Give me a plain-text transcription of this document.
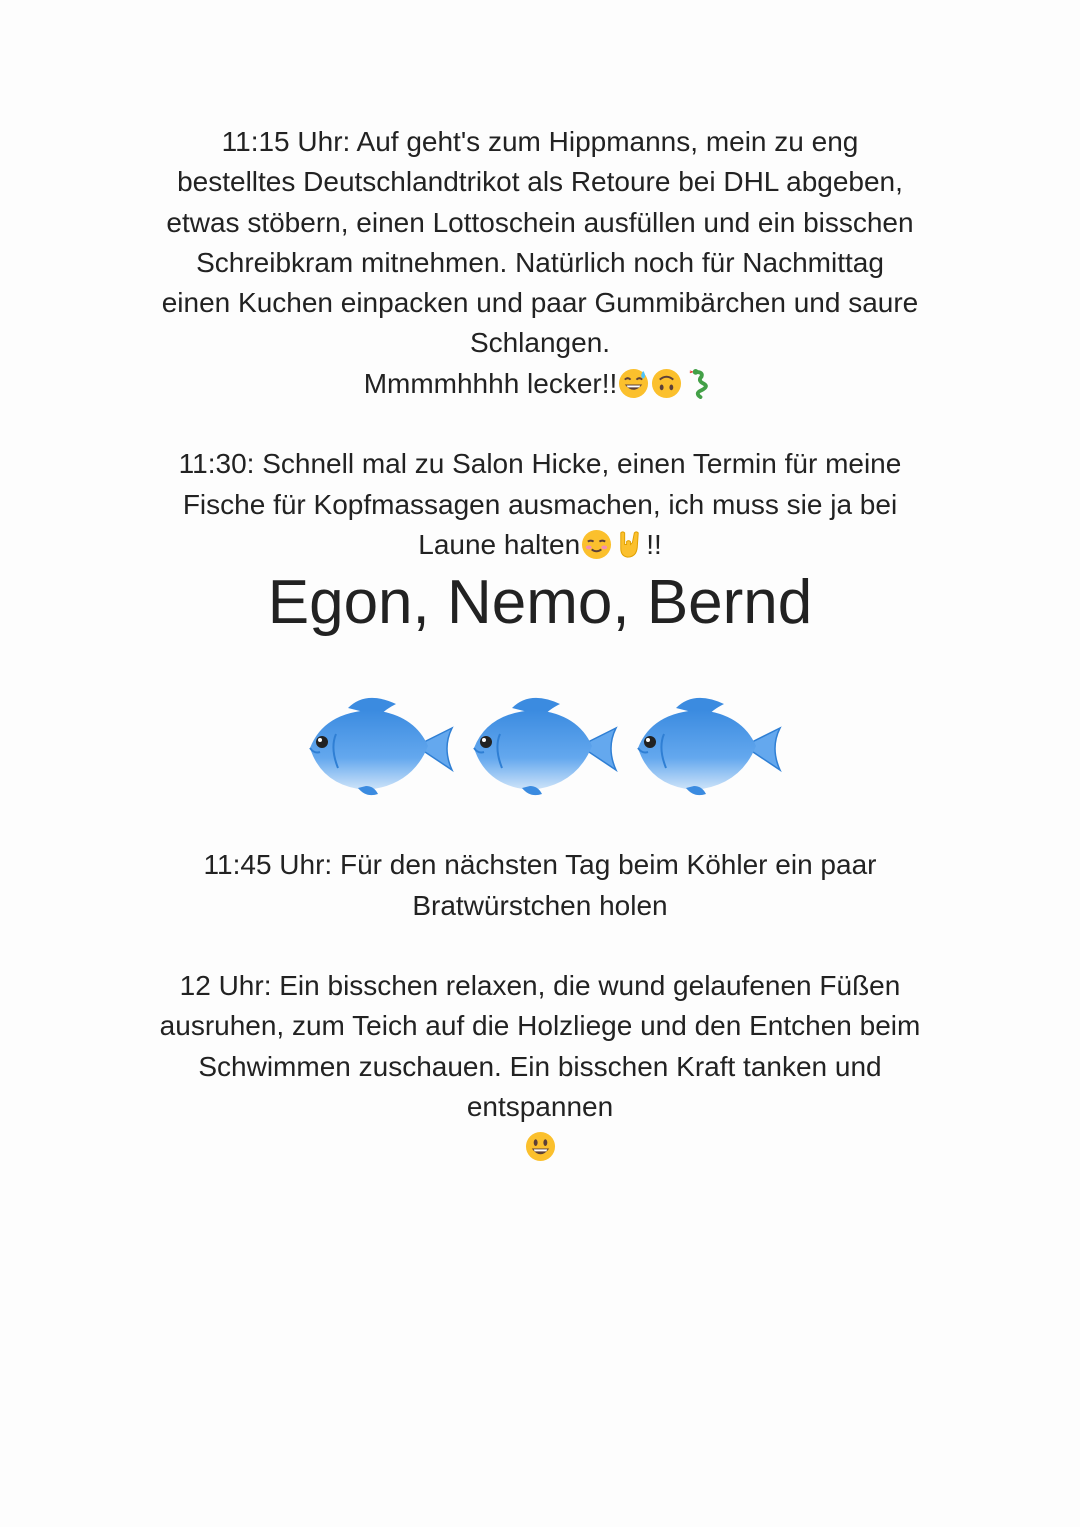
11:15 Uhr: Auf geht's zum Hippmanns, mein zu eng
bestelltes Deutschlandtrikot als Retoure bei DHL abgeben,
etwas stöbern, einen Lottoschein ausfüllen und ein bisschen
Schreibkram mitnehmen. Natürlich noch für Nachmittag
einen Kuchen einpacken und paar Gummibärchen und saure
Schlangen.
Mmmmhhhh lecker!!
11:30: Schnell mal zu Salon Hicke, einen Termin für meine
Fische für Kopfmassagen ausmachen, ich muss sie ja bei
Laune halten !!
Egon, Nemo, Bernd
11:45 Uhr: Für den nächsten Tag beim Köhler ein paar
Bratwürstchen holen
12 Uhr: Ein bisschen relaxen, die wund gelaufenen Füßen
ausruhen, zum Teich auf die Holzliege und den Entchen beim
Schwimmen zuschauen. Ein bisschen Kraft tanken und
entspannen
